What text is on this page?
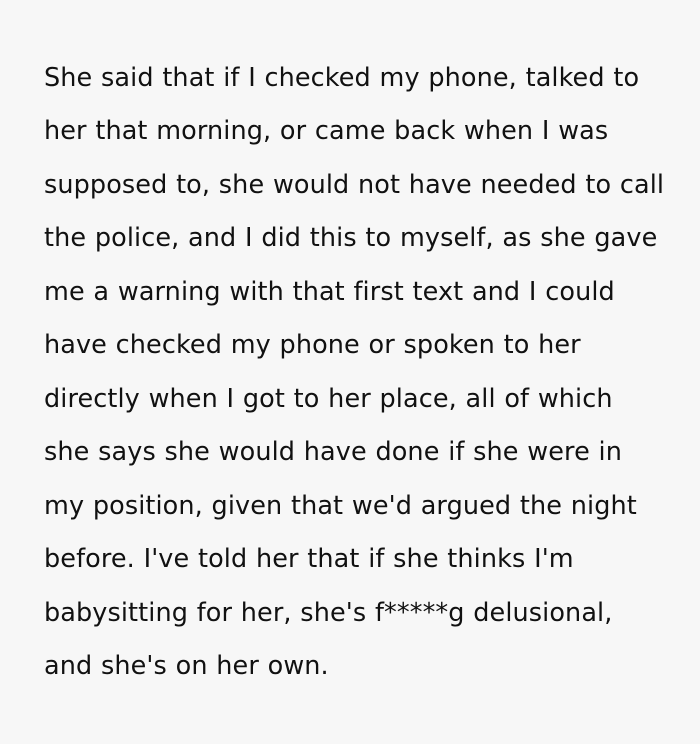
She said that if I checked my phone, talked to her that morning, or came back when I was supposed to, she would not have needed to call the police, and I did this to myself, as she gave me a warning with that first text and I could have checked my phone or spoken to her directly when I got to her place, all of which she says she would have done if she were in my position, given that we'd argued the night before. I've told her that if she thinks I'm babysitting for her, she's f*****g delusional, and she's on her own.
